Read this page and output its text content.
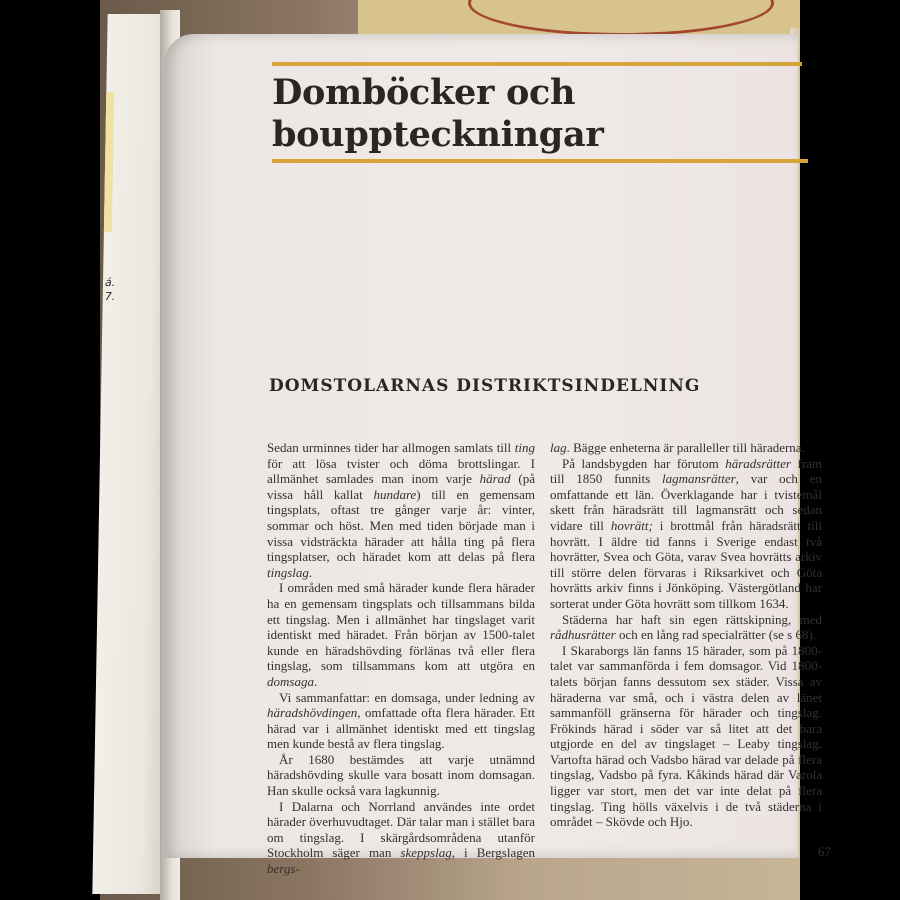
á.
7.
Domböcker och
bouppteckningar
DOMSTOLARNAS DISTRIKTSINDELNING

Sedan urminnes tider har allmogen samlats till ting för att lösa tvister och döma brottslingar. I allmänhet samlades man inom varje härad (på vissa håll kallat hundare) till en gemensam tingsplats, oftast tre gånger varje år: vinter, sommar och höst. Men med tiden började man i vissa vidsträckta härader att hålla ting på flera tingsplatser, och häradet kom att delas på flera tingslag.

I områden med små härader kunde flera härader ha en gemensam tingsplats och tillsammans bilda ett tingslag. Men i allmänhet har tingslaget varit identiskt med häradet. Från början av 1500-talet kunde en häradshövding förlänas två eller flera tingslag, som tillsammans kom att utgöra en domsaga.

Vi sammanfattar: en domsaga, under ledning av häradshövdingen, omfattade ofta flera härader. Ett härad var i allmänhet identiskt med ett tingslag men kunde bestå av flera tingslag.

År 1680 bestämdes att varje utnämnd häradshövding skulle vara bosatt inom domsagan. Han skulle också vara lagkunnig.

I Dalarna och Norrland användes inte ordet härader överhuvudtaget. Där talar man i stället bara om tingslag. I skärgårdsområdena utanför Stockholm säger man skeppslag, i Bergslagen bergs-

lag. Bägge enheterna är paralleller till häraderna.

På landsbygden har förutom häradsrätter fram till 1850 funnits lagmansrätter, var och en omfattande ett län. Överklagande har i tvistemål skett från häradsrätt till lagmansrätt och sedan vidare till hovrätt; i brottmål från häradsrätt till hovrätt. I äldre tid fanns i Sverige endast två hovrätter, Svea och Göta, varav Svea hovrätts arkiv till större delen förvaras i Riksarkivet och Göta hovrätts arkiv finns i Jönköping. Västergötland har sorterat under Göta hovrätt som tillkom 1634.

Städerna har haft sin egen rättskipning, med rådhusrätter och en lång rad specialrätter (se s 68).

I Skaraborgs län fanns 15 härader, som på 1800-talet var sammanförda i fem domsagor. Vid 1800-talets början fanns dessutom sex städer. Vissa av häraderna var små, och i västra delen av länet sammanföll gränserna för härader och tingslag. Frökinds härad i söder var så litet att det bara utgjorde en del av tingslaget – Leaby tingslag. Vartofta härad och Vadsbo härad var delade på flera tingslag, Vadsbo på fyra. Kåkinds härad där Varola ligger var stort, men det var inte delat på flera tingslag. Ting hölls växelvis i de två städerna i området – Skövde och Hjo.

67
